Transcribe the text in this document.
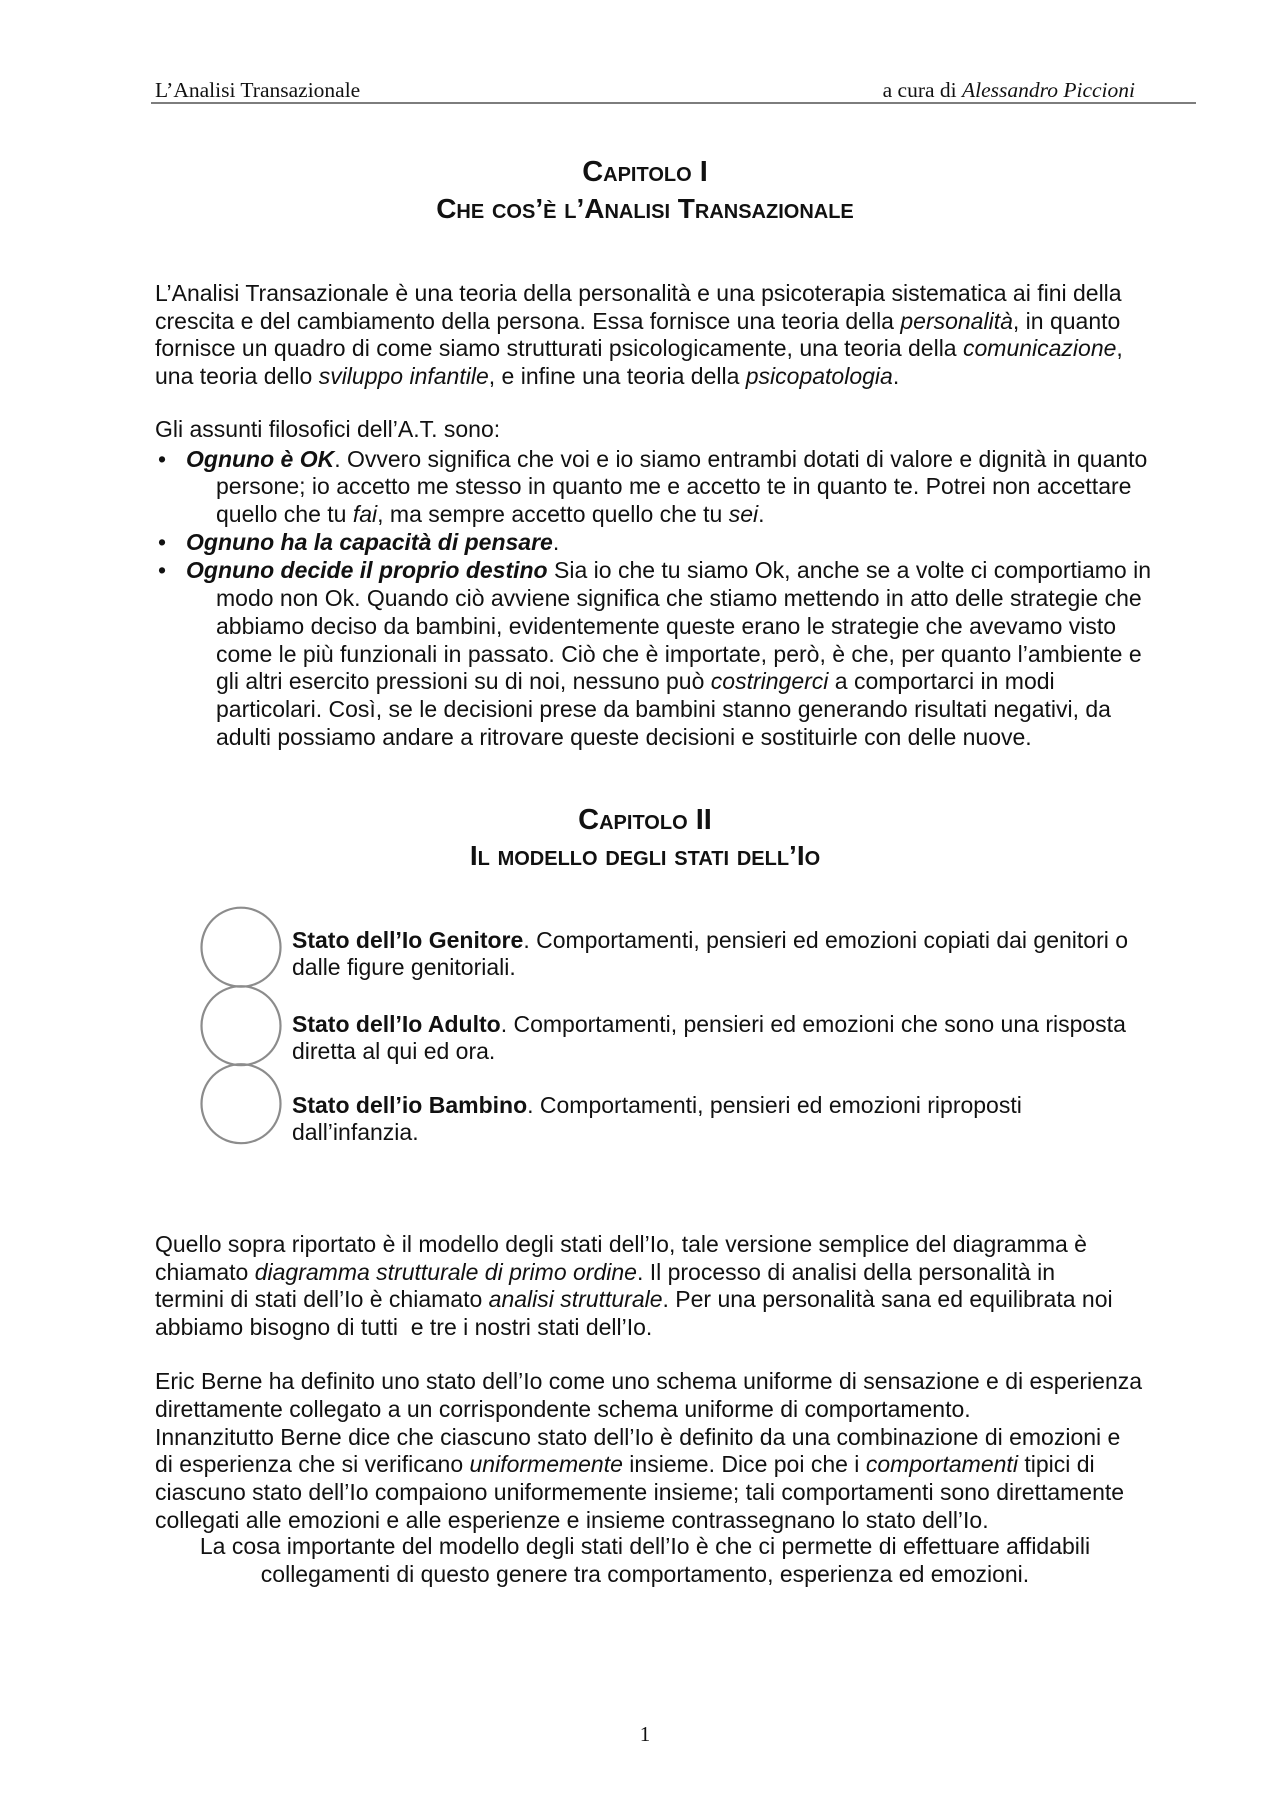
L’Analisi Transazionale	a cura di Alessandro Piccioni
Capitolo I
Che cos’è l’Analisi Transazionale
L’Analisi Transazionale è una teoria della personalità e una psicoterapia sistematica ai fini della
crescita e del cambiamento della persona. Essa fornisce una teoria della personalità, in quanto
fornisce un quadro di come siamo strutturati psicologicamente, una teoria della comunicazione,
una teoria dello sviluppo infantile, e infine una teoria della psicopatologia.
Gli assunti filosofici dell’A.T. sono:
• Ognuno è OK. Ovvero significa che voi e io siamo entrambi dotati di valore e dignità in quanto
persone; io accetto me stesso in quanto me e accetto te in quanto te. Potrei non accettare
quello che tu fai, ma sempre accetto quello che tu sei.
• Ognuno ha la capacità di pensare.
• Ognuno decide il proprio destino Sia io che tu siamo Ok, anche se a volte ci comportiamo in
modo non Ok. Quando ciò avviene significa che stiamo mettendo in atto delle strategie che
abbiamo deciso da bambini, evidentemente queste erano le strategie che avevamo visto
come le più funzionali in passato. Ciò che è importate, però, è che, per quanto l’ambiente e
gli altri esercito pressioni su di noi, nessuno può costringerci a comportarci in modi
particolari. Così, se le decisioni prese da bambini stanno generando risultati negativi, da
adulti possiamo andare a ritrovare queste decisioni e sostituirle con delle nuove.
Capitolo II
Il modello degli stati dell’Io
Stato dell’Io Genitore. Comportamenti, pensieri ed emozioni copiati dai genitori o
dalle figure genitoriali.
Stato dell’Io Adulto. Comportamenti, pensieri ed emozioni che sono una risposta
diretta al qui ed ora.
Stato dell’io Bambino. Comportamenti, pensieri ed emozioni riproposti
dall’infanzia.
Quello sopra riportato è il modello degli stati dell’Io, tale versione semplice del diagramma è
chiamato diagramma strutturale di primo ordine. Il processo di analisi della personalità in
termini di stati dell’Io è chiamato analisi strutturale. Per una personalità sana ed equilibrata noi
abbiamo bisogno di tutti  e tre i nostri stati dell’Io.
Eric Berne ha definito uno stato dell’Io come uno schema uniforme di sensazione e di esperienza
direttamente collegato a un corrispondente schema uniforme di comportamento.
Innanzitutto Berne dice che ciascuno stato dell’Io è definito da una combinazione di emozioni e
di esperienza che si verificano uniformemente insieme. Dice poi che i comportamenti tipici di
ciascuno stato dell’Io compaiono uniformemente insieme; tali comportamenti sono direttamente
collegati alle emozioni e alle esperienze e insieme contrassegnano lo stato dell’Io.
La cosa importante del modello degli stati dell’Io è che ci permette di effettuare affidabili
collegamenti di questo genere tra comportamento, esperienza ed emozioni.
1
